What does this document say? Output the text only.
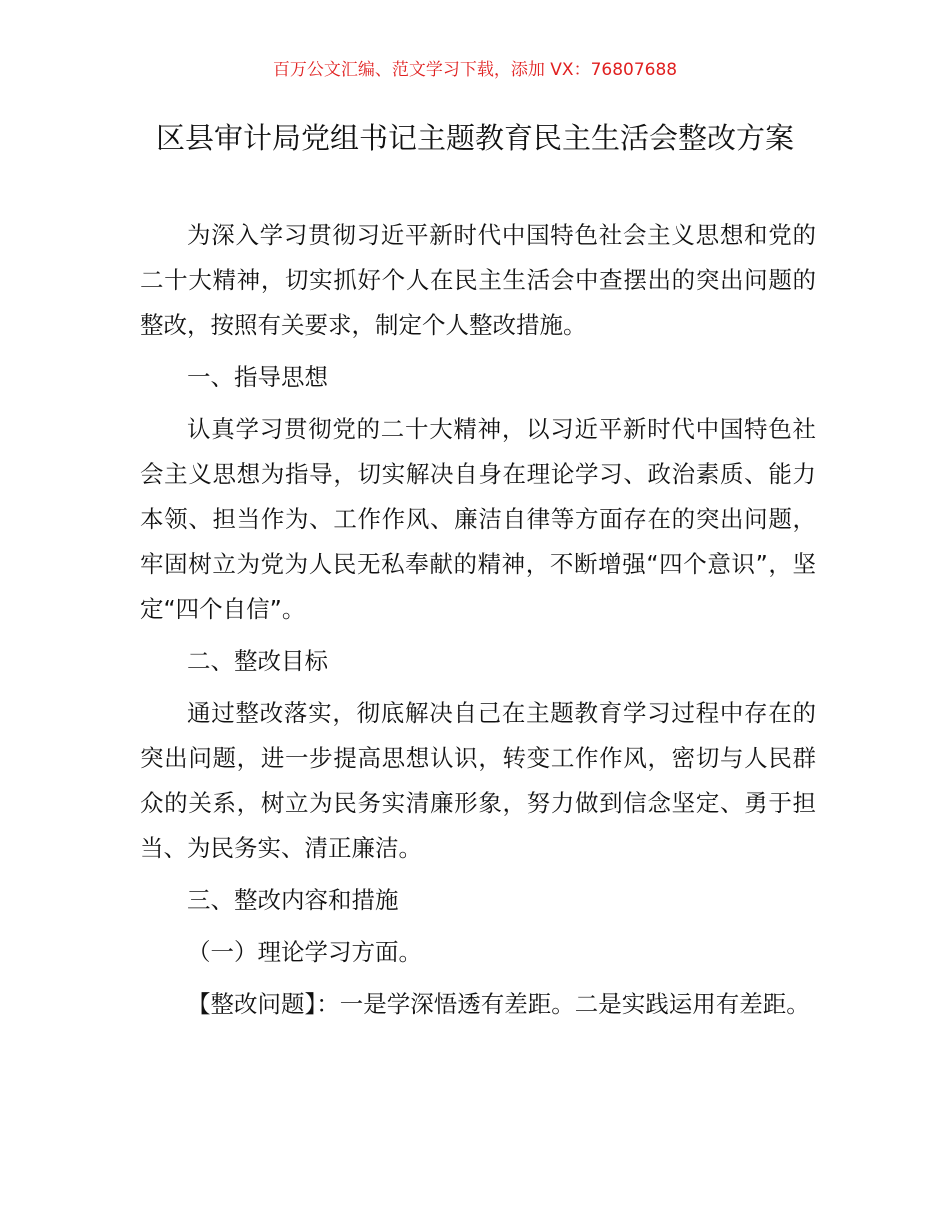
百万公文汇编、范文学习下载，添加 VX：76807688
区县审计局党组书记主题教育民主生活会整改方案

为深入学习贯彻习近平新时代中国特色社会主义思想和党的二十大精神，切实抓好个人在民主生活会中查摆出的突出问题的整改，按照有关要求，制定个人整改措施。

一、指导思想

认真学习贯彻党的二十大精神，以习近平新时代中国特色社会主义思想为指导，切实解决自身在理论学习、政治素质、能力本领、担当作为、工作作风、廉洁自律等方面存在的突出问题，牢固树立为党为人民无私奉献的精神，不断增强“四个意识”，坚定“四个自信”。

二、整改目标

通过整改落实，彻底解决自己在主题教育学习过程中存在的突出问题，进一步提高思想认识，转变工作作风，密切与人民群众的关系，树立为民务实清廉形象，努力做到信念坚定、勇于担当、为民务实、清正廉洁。

三、整改内容和措施

（一）理论学习方面。

【整改问题】：一是学深悟透有差距。二是实践运用有差距。
